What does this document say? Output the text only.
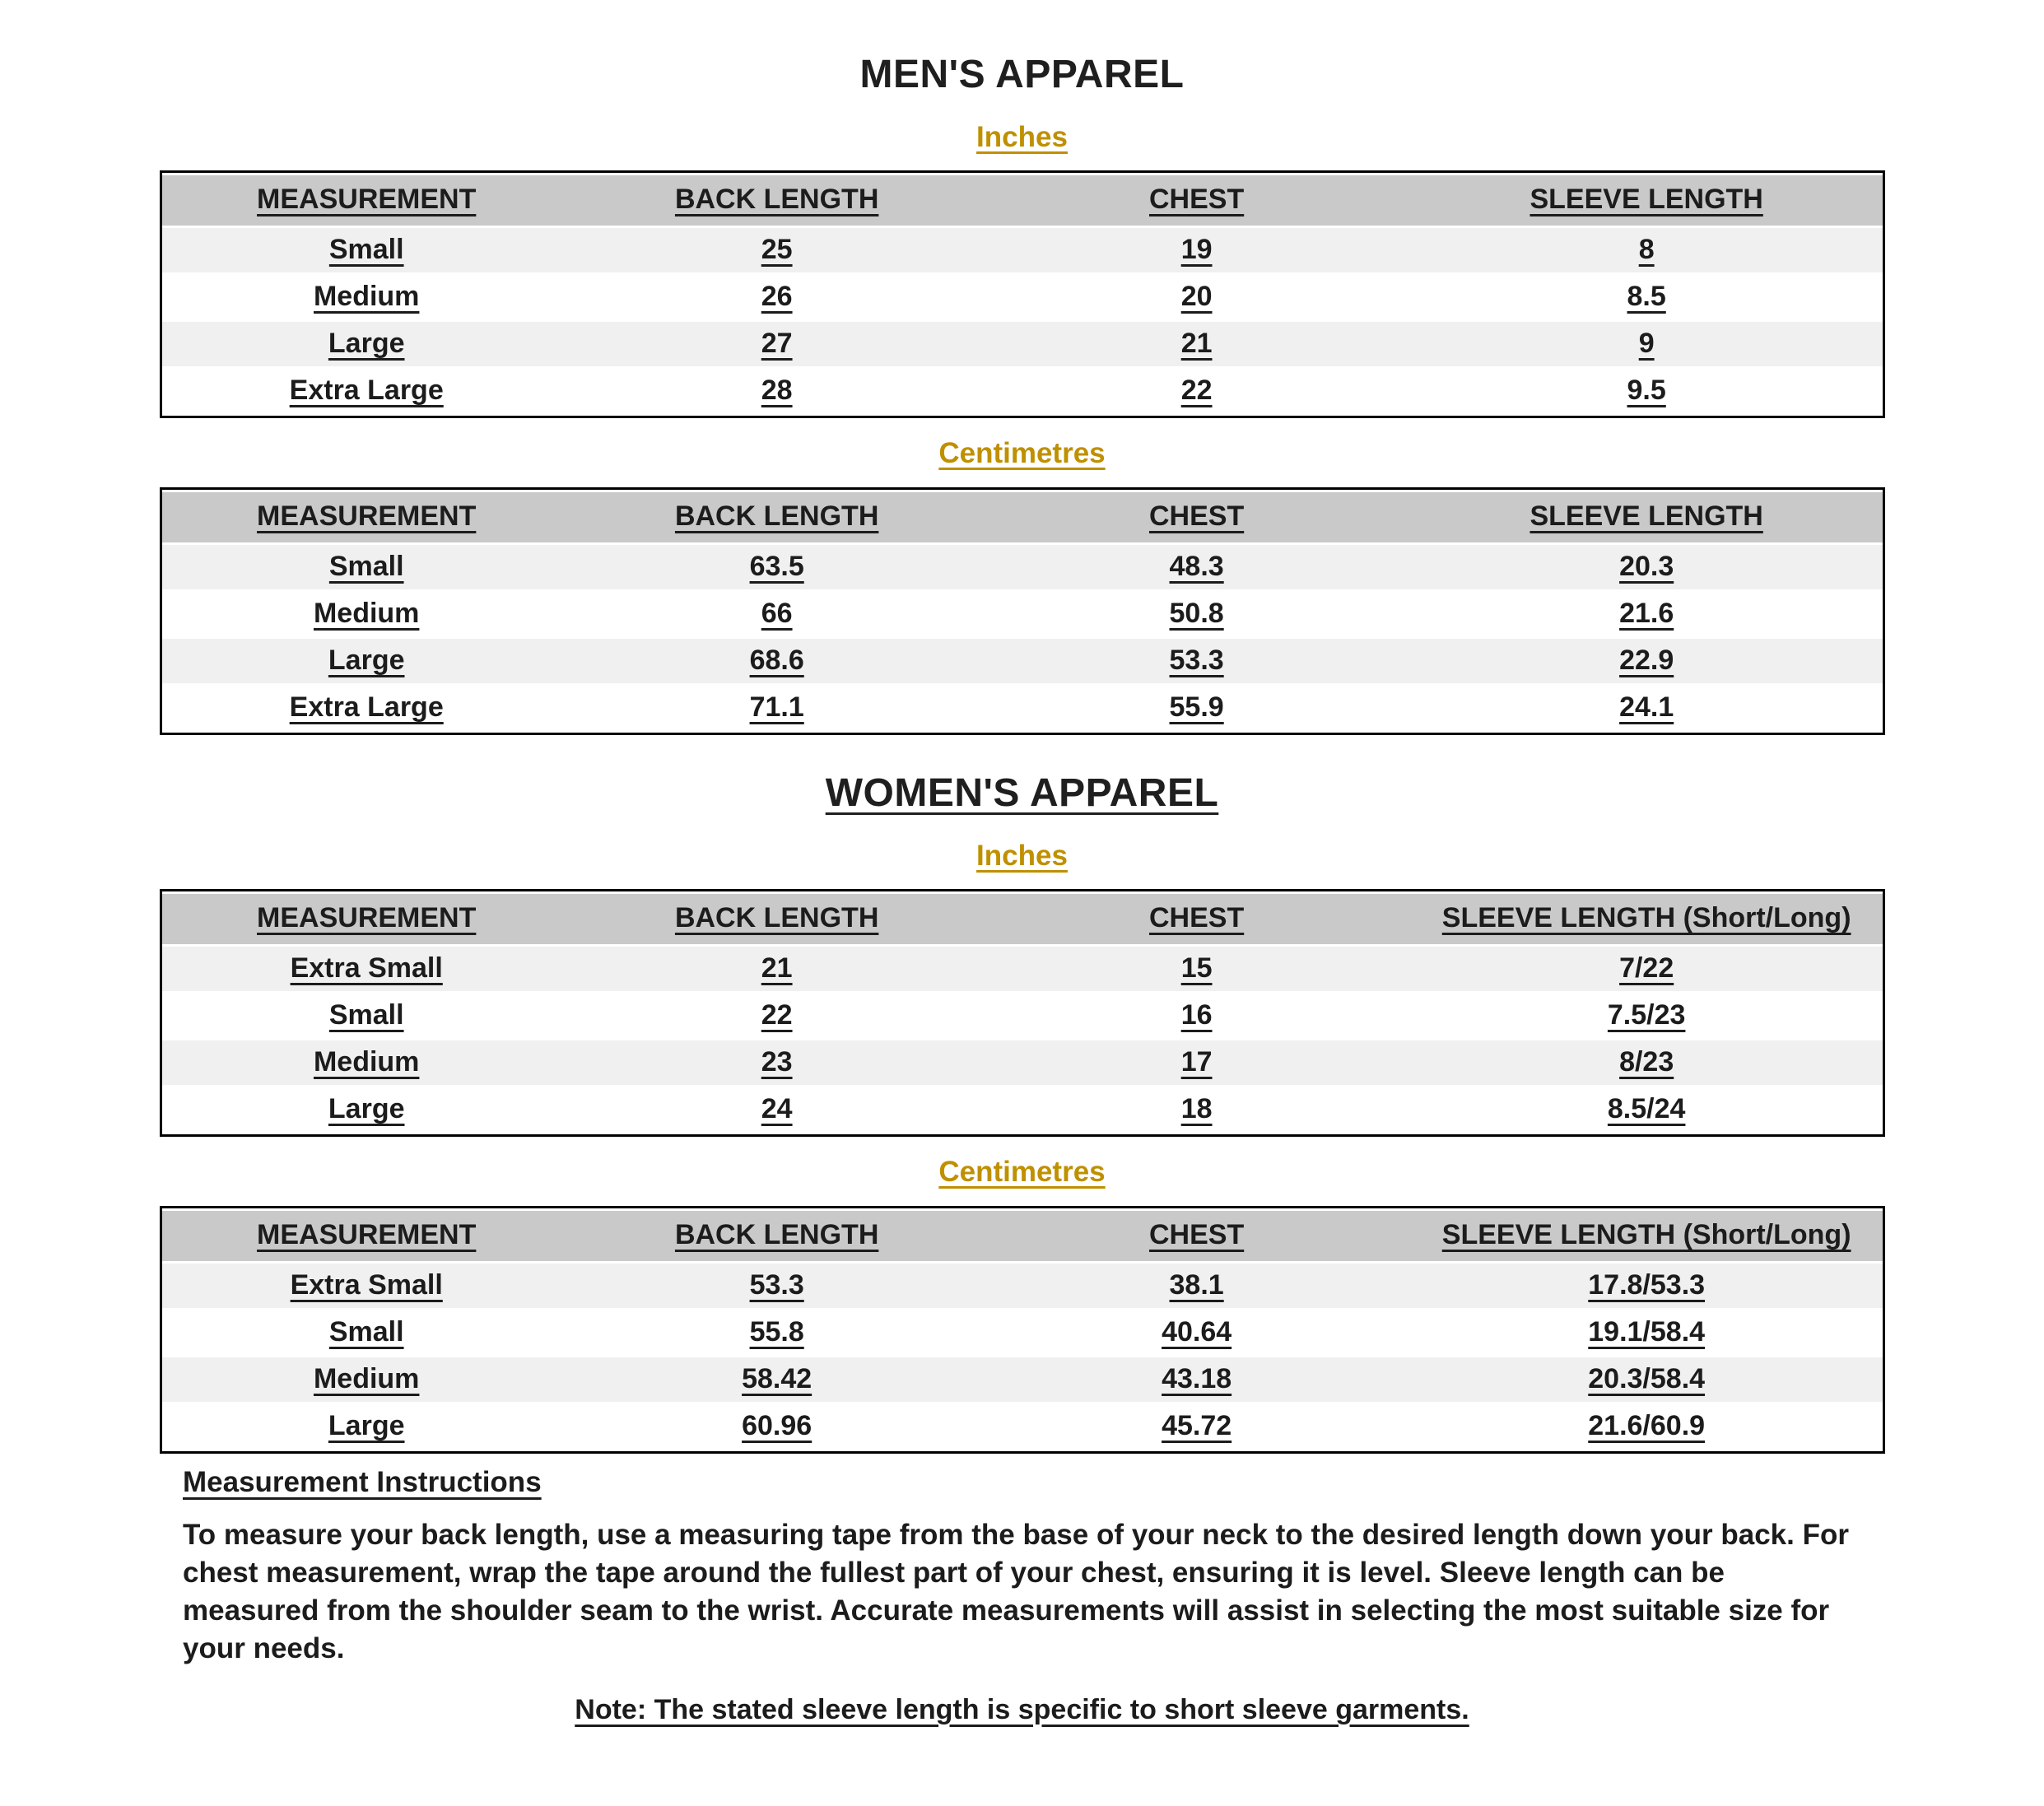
MEN'S APPAREL
Inches
MEASUREMENT	BACK LENGTH	CHEST	SLEEVE LENGTH
Small	25	19	8
Medium	26	20	8.5
Large	27	21	9
Extra Large	28	22	9.5
Centimetres
MEASUREMENT	BACK LENGTH	CHEST	SLEEVE LENGTH
Small	63.5	48.3	20.3
Medium	66	50.8	21.6
Large	68.6	53.3	22.9
Extra Large	71.1	55.9	24.1
WOMEN'S APPAREL
Inches
MEASUREMENT	BACK LENGTH	CHEST	SLEEVE LENGTH (Short/Long)
Extra Small	21	15	7/22
Small	22	16	7.5/23
Medium	23	17	8/23
Large	24	18	8.5/24
Centimetres
MEASUREMENT	BACK LENGTH	CHEST	SLEEVE LENGTH (Short/Long)
Extra Small	53.3	38.1	17.8/53.3
Small	55.8	40.64	19.1/58.4
Medium	58.42	43.18	20.3/58.4
Large	60.96	45.72	21.6/60.9
Measurement Instructions

To measure your back length, use a measuring tape from the base of your neck to the desired length down your back. For chest measurement, wrap the tape around the fullest part of your chest, ensuring it is level. Sleeve length can be measured from the shoulder seam to the wrist. Accurate measurements will assist in selecting the most suitable size for your needs.

Note: The stated sleeve length is specific to short sleeve garments.
